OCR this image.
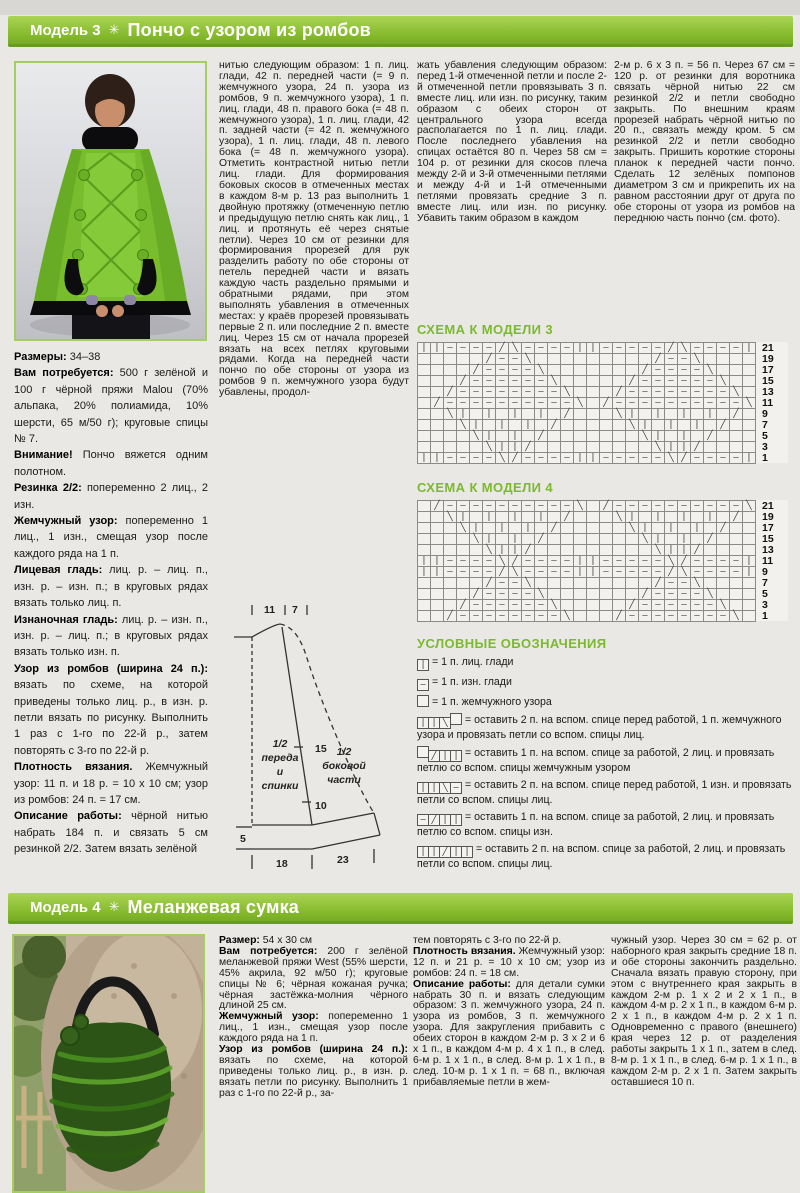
Модель 3 ✳ Пончо с узором из ромбов

Размеры: 34–38

Вам потребуется: 500 г зелёной и 100 г чёрной пряжи Malou (70% альпака, 20% полиамида, 10% шерсти, 65 м/50 г); круговые спицы № 7.

Внимание! Пончо вяжется одним полотном.

Резинка 2/2: попеременно 2 лиц., 2 изн.

Жемчужный узор: попеременно 1 лиц., 1 изн., смещая узор после каждого ряда на 1 п.

Лицевая гладь: лиц. р. – лиц. п., изн. р. – изн. п.; в круговых рядах вязать только лиц. п.

Изнаночная гладь: лиц. р. – изн. п., изн. р. – лиц. п.; в круговых рядах вязать только изн. п.

Узор из ромбов (ширина 24 п.): вязать по схеме, на которой приведены только лиц. р., в изн. р. петли вязать по рисунку. Выполнить 1 раз с 1-го по 22-й р., затем повторять с 3-го по 22-й р.

Плотность вязания. Жемчужный узор: 11 п. и 18 р. = 10 х 10 см; узор из ромбов: 24 п. = 17 см.

Описание работы: чёрной нитью набрать 184 п. и связать 5 см резинкой 2/2. Затем вязать зелёной

нитью следующим образом: 1 п. лиц. глади, 42 п. передней части (= 9 п. жемчужного узора, 24 п. узора из ромбов, 9 п. жемчужного узора), 1 п. лиц. глади, 48 п. правого бока (= 48 п. жемчужного узора), 1 п. лиц. глади, 42 п. задней части (= 42 п. жемчужного узора), 1 п. лиц. глади, 48 п. левого бока (= 48 п. жемчужного узора). Отметить контрастной нитью петли лиц. глади. Для формирования боковых скосов в отмеченных местах в каждом 8-м р. 13 раз выполнить 1 двойную протяжку (отмеченную петлю и предыдущую петлю снять как лиц., 1 лиц. и протянуть её через снятые петли). Через 10 см от резинки для формирования прорезей для рук разделить работу по обе стороны от петель передней части и вязать каждую часть раздельно прямыми и обратными рядами, при этом выполнять убавления в отмеченных местах: у краёв прорезей провязывать первые 2 п. или последние 2 п. вместе лиц. Через 15 см от начала прорезей вязать на всех петлях круговыми рядами. Когда на передней части пончо по обе стороны от узора из ромбов 9 п. жемчужного узора будут убавлены, продол-

жать убавления следующим образом: перед 1-й отмеченной петли и после 2-й отмеченной петли провязывать 3 п. вместе лиц. или изн. по рисунку, таким образом с обеих сторон от центрального узора всегда располагается по 1 п. лиц. глади. После последнего убавления на спицах остаётся 80 п. Через 58 см = 104 р. от резинки для скосов плеча между 2-й и 3-й отмеченными петлями и между 4-й и 1-й отмеченными петлями провязать средние 3 п. вместе лиц. или изн. по рисунку. Убавить таким образом в каждом

2-м р. 6 х 3 п. = 56 п. Через 67 см = 120 р. от резинки для воротника связать чёрной нитью 22 см резинкой 2/2 и петли свободно закрыть. По внешним краям прорезей набрать чёрной нитью по 20 п., связать между кром. 5 см резинкой 2/2 и петли свободно закрыть. Пришить короткие стороны планок к передней части пончо. Сделать 12 зелёных помпонов диаметром 3 см и прикрепить их на равном расстоянии друг от друга по обе стороны от узора из ромбов на переднюю часть пончо (см. фото).

СХЕМА К МОДЕЛИ 3
| | – – – – ╱ ╲ – – – – | | – – – – – ╱ ╲ – – – – | 21
╱ – – ╲	╱ – – ╲	19
╱ – – – – ╲	╱ – – – – ╲	17
╱ – – – – – – ╲	╱ – – – – – – ╲	15
╱ – – – – – – – – ╲	╱ – – – – – – – – ╲	13
╱ – – – – – – – – – – ╲	╱ – – – – – – – – – – ╲ 11
╲ |	|	|	|	╱	╲ |	|	|	|	╱	9
╲ |	|	|	╱	╲ |	|	|	╱	7
╲ |	|	╱	╲ |	|	╱	5
╲ | | ╱	╲ | | ╱	3
| | – – – – ╲ ╱ – – – – | | – – – – – ╲ ╱ – – – – | 1
СХЕМА К МОДЕЛИ 4
╱ – – – – – – – – – – ╲	╱ – – – – – – – – – – ╲ 21
╲ |	|	|	|	╱	╲ |	|	|	|	╱	19
╲ |	|	|	╱	╲ |	|	|	╱	17
╲ |	|	╱	╲ |	|	╱	15
╲ | | ╱	╲ | | ╱	13
| | – – – – ╲ ╱ – – – – | | – – – – – ╲ ╱ – – – – | 11
| | – – – – ╱ ╲ – – – – | | – – – – – ╱ ╲ – – – – | 9
╱ – – ╲	╱ – – ╲	7
╱ – – – – ╲	╱ – – – – ╲	5
╱ – – – – – – ╲	╱ – – – – – – ╲	3
╱ – – – – – – – – ╲	╱ – – – – – – – – ╲	1
УСЛОВНЫЕ ОБОЗНАЧЕНИЯ
| = 1 п. лиц. глади
– = 1 п. изн. глади
= 1 п. жемчужного узора
| | ╲ = оставить 2 п. на вспом. спице перед работой, 1 п. жемчужного узора и провязать петли со вспом. спицы лиц.
╱ | | = оставить 1 п. на вспом. спице за работой, 2 лиц. и провязать петлю со вспом. спицы жемчужным узором
| | ╲ – = оставить 2 п. на вспом. спице перед работой, 1 изн. и провязать петли со вспом. спицы лиц.
– ╱ | | = оставить 1 п. на вспом. спице за работой, 2 лиц. и провязать петлю со вспом. спицы изн.
| | ╱ | | = оставить 2 п. на вспом. спице за работой, 2 лиц. и провязать петли со вспом. спицы лиц.
11 7
15
10
5
18	23
1/2
переда
и
спинки
1/2
боковой
части
Модель 4 ✳ Меланжевая сумка

Размер: 54 х 30 см

Вам потребуется: 200 г зелёной меланжевой пряжи West (55% шерсти, 45% акрила, 92 м/50 г); круговые спицы № 6; чёрная кожаная ручка; чёрная застёжка-молния чёрного длиной 25 см.

Жемчужный узор: попеременно 1 лиц., 1 изн., смещая узор после каждого ряда на 1 п.

Узор из ромбов (ширина 24 п.): вязать по схеме, на которой приведены только лиц. р., в изн. р. вязать петли по рисунку. Выполнить 1 раз с 1-го по 22-й р., за-

тем повторять с 3-го по 22-й р.

Плотность вязания. Жемчужный узор: 12 п. и 21 р. = 10 х 10 см; узор из ромбов: 24 п. = 18 см.

Описание работы: для детали сумки набрать 30 п. и вязать следующим образом: 3 п. жемчужного узора, 24 п. узора из ромбов, 3 п. жемчужного узора. Для закругления прибавить с обеих сторон в каждом 2-м р. 3 х 2 и 6 х 1 п., в каждом 4-м р. 4 х 1 п., в след. 6-м р. 1 х 1 п., в след. 8-м р. 1 х 1 п., в след. 10-м р. 1 х 1 п. = 68 п., включая прибавляемые петли в жем-

чужный узор. Через 30 см = 62 р. от наборного края закрыть средние 18 п. и обе стороны закончить раздельно. Сначала вязать правую сторону, при этом с внутреннего края закрыть в каждом 2-м р. 1 х 2 и 2 х 1 п., в каждом 4-м р. 2 х 1 п., в каждом 6-м р. 2 х 1 п., в каждом 4-м р. 2 х 1 п. Одновременно с правого (внешнего) края через 12 р. от разделения работы закрыть 1 х 1 п., затем в след. 8-м р. 1 х 1 п., в след. 6-м р. 1 х 1 п., в каждом 2-м р. 2 х 1 п. Затем закрыть оставшиеся 10 п.
